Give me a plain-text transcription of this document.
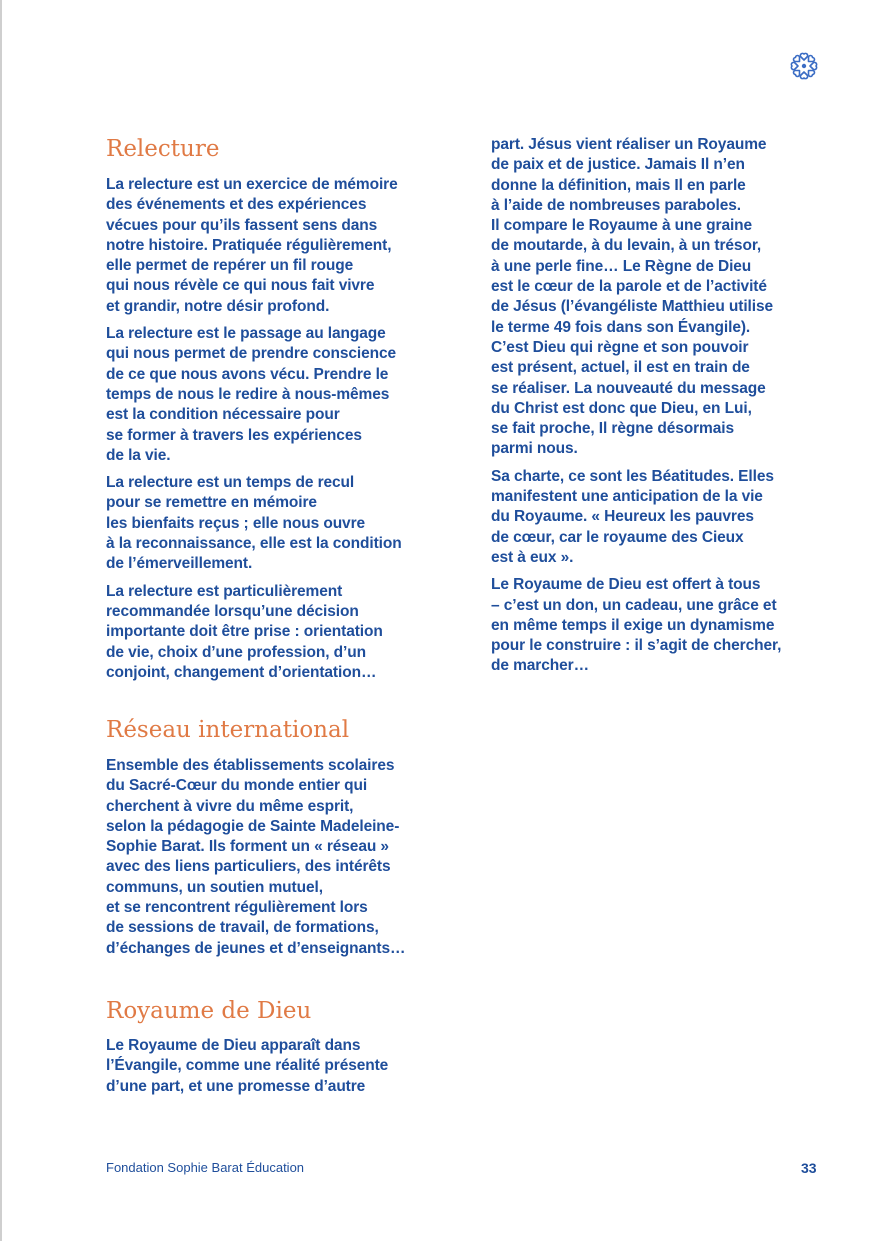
Relecture

La relecture est un exercice de mémoire
des événements et des expériences
vécues pour qu’ils fassent sens dans
notre histoire. Pratiquée régulièrement,
elle permet de repérer un fil rouge
qui nous révèle ce qui nous fait vivre
et grandir, notre désir profond.

La relecture est le passage au langage
qui nous permet de prendre conscience
de ce que nous avons vécu. Prendre le
temps de nous le redire à nous-mêmes
est la condition nécessaire pour
se former à travers les expériences
de la vie.

La relecture est un temps de recul
pour se remettre en mémoire
les bienfaits reçus ; elle nous ouvre
à la reconnaissance, elle est la condition
de l’émerveillement.

La relecture est particulièrement
recommandée lorsqu’une décision
importante doit être prise : orientation
de vie, choix d’une profession, d’un
conjoint, changement d’orientation…

Réseau international

Ensemble des établissements scolaires
du Sacré-Cœur du monde entier qui
cherchent à vivre du même esprit,
selon la pédagogie de Sainte Madeleine-
Sophie Barat. Ils forment un « réseau »
avec des liens particuliers, des intérêts
communs, un soutien mutuel,
et se rencontrent régulièrement lors
de sessions de travail, de formations,
d’échanges de jeunes et d’enseignants…

Royaume de Dieu

Le Royaume de Dieu apparaît dans
l’Évangile, comme une réalité présente
d’une part, et une promesse d’autre

part. Jésus vient réaliser un Royaume
de paix et de justice. Jamais Il n’en
donne la définition, mais Il en parle
à l’aide de nombreuses paraboles.
Il compare le Royaume à une graine
de moutarde, à du levain, à un trésor,
à une perle fine… Le Règne de Dieu
est le cœur de la parole et de l’activité
de Jésus (l’évangéliste Matthieu utilise
le terme 49 fois dans son Évangile).
C’est Dieu qui règne et son pouvoir
est présent, actuel, il est en train de
se réaliser. La nouveauté du message
du Christ est donc que Dieu, en Lui,
se fait proche, Il règne désormais
parmi nous.

Sa charte, ce sont les Béatitudes. Elles
manifestent une anticipation de la vie
du Royaume. « Heureux les pauvres
de cœur, car le royaume des Cieux
est à eux ».

Le Royaume de Dieu est offert à tous
– c’est un don, un cadeau, une grâce et
en même temps il exige un dynamisme
pour le construire : il s’agit de chercher,
de marcher…

Fondation Sophie Barat Éducation	33
